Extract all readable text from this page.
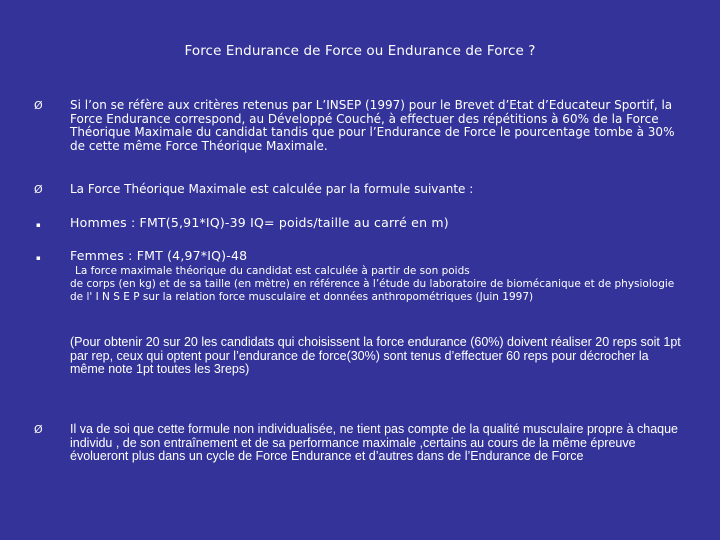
Force Endurance de Force ou Endurance de Force ?
Ø Si l’on se réfère aux critères retenus par L’INSEP (1997) pour le Brevet d’Etat d’Educateur Sportif, la Force Endurance correspond, au Développé Couché, à effectuer des répétitions à 60% de la Force Théorique Maximale du candidat tandis que pour l’Endurance de Force le pourcentage tombe à 30% de cette même Force Théorique Maximale.
Ø La Force Théorique Maximale est calculée par la formule suivante :
▪ Hommes : FMT(5,91*IQ)-39 IQ= poids/taille au carré en m)
▪ Femmes : FMT (4,97*IQ)-48
La force maximale théorique du candidat est calculée à partir de son poids
de corps (en kg) et de sa taille (en mètre) en référence à l’étude du laboratoire de biomécanique et de physiologie de l' I N S E P sur la relation force musculaire et données anthropométriques (Juin 1997)
(Pour obtenir 20 sur 20 les candidats qui choisissent la force endurance (60%) doivent réaliser 20 reps soit 1pt par rep, ceux qui optent pour l’endurance de force(30%) sont tenus d’effectuer 60 reps pour décrocher la même note 1pt toutes les 3reps)
Ø Il va de soi que cette formule non individualisée, ne tient pas compte de la qualité musculaire propre à chaque individu , de son entraînement et de sa performance maximale ,certains au cours de la même épreuve évolueront plus dans un cycle de Force Endurance et d’autres dans de l’Endurance de Force
